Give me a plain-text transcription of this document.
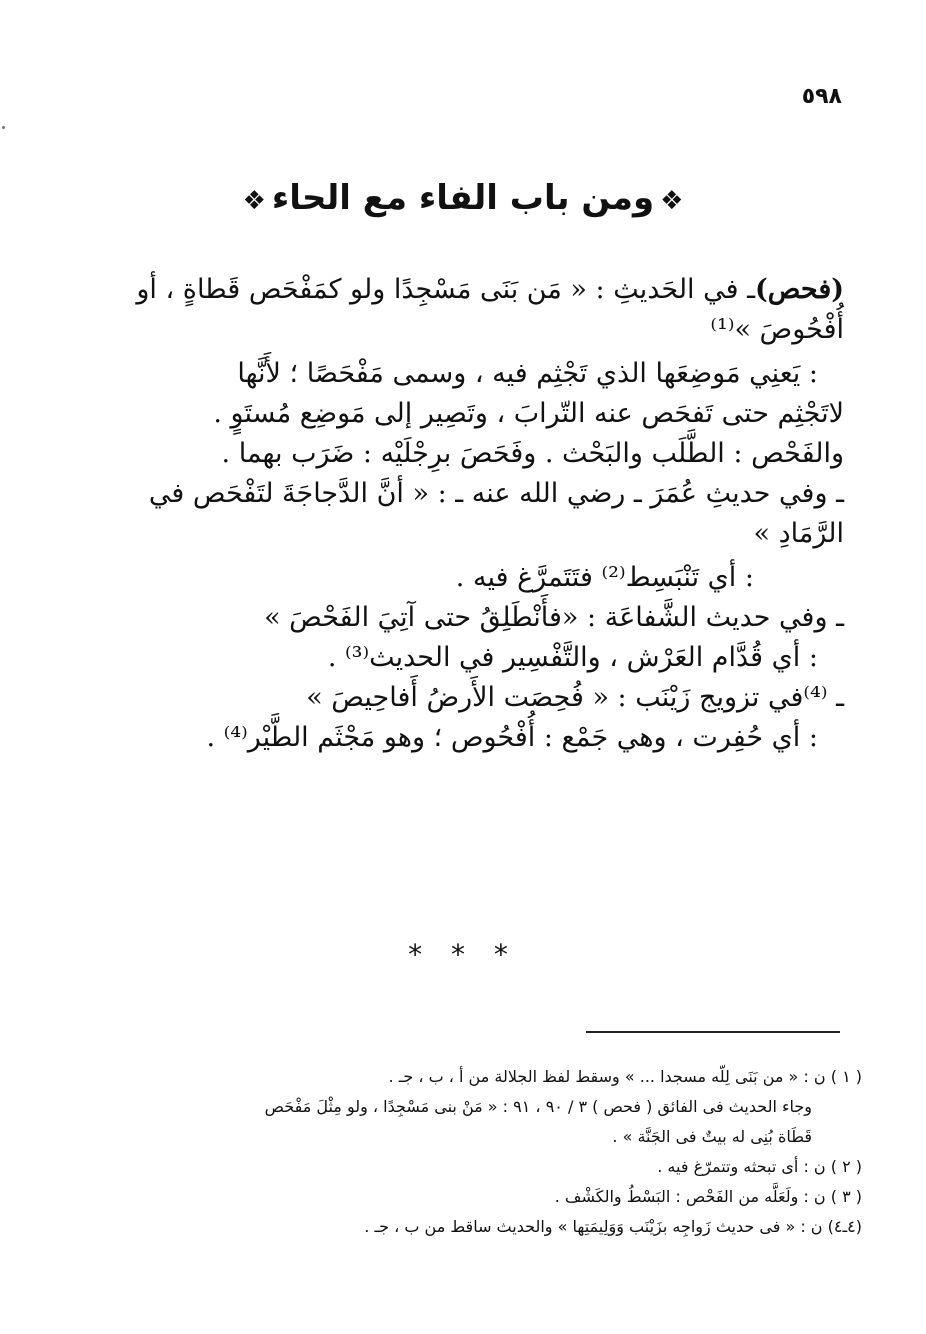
٥٩٨
❖ومن باب الفاء مع الحاء❖

(فحص)ـ في الحَديثِ : « مَن بَنَى مَسْجِدًا ولو كمَفْحَص قَطاةٍ ، أو

أُفْحُوصَ »⁽¹⁾

: يَعنِي مَوضِعَها الذي تَجْثِم فيه ، وسمى مَفْحَصًا ؛ لأَنَّها

لاتَجْثِم حتى تَفحَص عنه التّرابَ ، وتَصِير إلى مَوضِع مُستَوٍ .

والفَحْص : الطَّلَب والبَحْث . وفَحَصَ برِجْلَيْه : ضَرَب بهما .

ـ وفي حديثِ عُمَرَ ـ رضي الله عنه ـ : « أنَّ الدَّجاجَةَ لتَفْحَص في

الرَّمَادِ »

: أي تَنْبَسِط⁽²⁾ فتَتَمرَّغ فيه .

ـ وفي حديث الشَّفاعَة : «فأَنْطَلِقُ حتى آتِيَ الفَحْصَ »

: أي قُدَّام العَرْش ، والتَّفْسِير في الحديث⁽³⁾ .

ـ ⁽⁴⁾في تزويج زَيْنَب : « فُحِصَت الأَرضُ أَفاحِيصَ »

: أي حُفِرت ، وهي جَمْع : أُفْحُوص ؛ وهو مَجْثَم الطَّيْر⁽⁴⁾ .

* * *

( ١ ) ن : « من بَنَى لِلّه مسجدا ... » وسقط لفظ الجلالة من أ ، ب ، جـ .

وجاء الحديث فى الفائق ( فحص ) ٣ / ٩٠ ، ٩١ : « مَنْ بنى مَسْجِدًا ، ولو مِثْلَ مَفْحَص

قَطَاة بُنِى له بيتٌ فى الجَنَّة » .

( ٢ ) ن : أى تبحثه وتتمرّغ فيه .

( ٣ ) ن : ولَعَلَّه من الفَحْص : البَسْطُ والكَشْف .

(٤ـ٤) ن : « فى حديث زَواجِه بزَيْنَب وَوَلِيمَتِها » والحديث ساقط من ب ، جـ .
